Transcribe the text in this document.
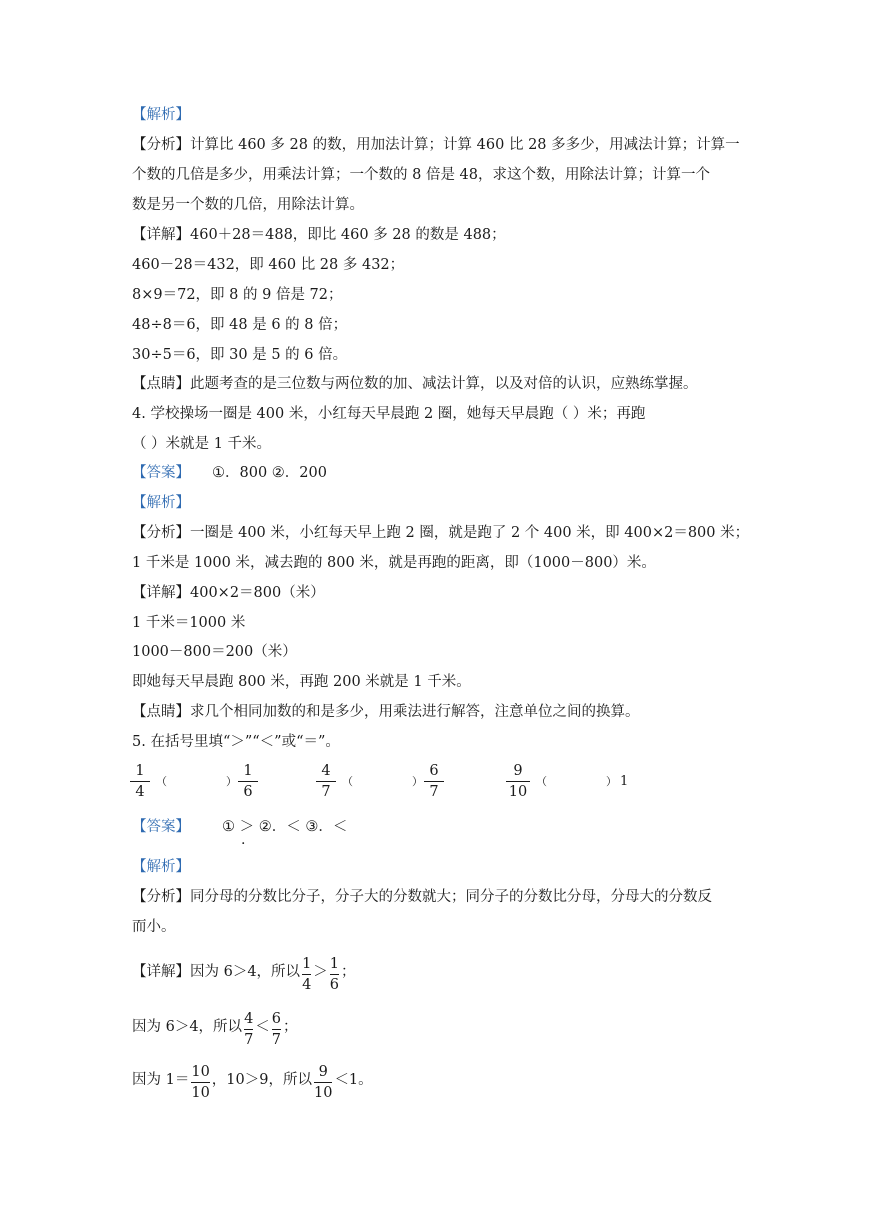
【解析】
【分析】计算比 460 多 28 的数，用加法计算；计算 460 比 28 多多少，用减法计算；计算一
个数的几倍是多少，用乘法计算；一个数的 8 倍是 48，求这个数，用除法计算；计算一个
数是另一个数的几倍，用除法计算。
【详解】460＋28＝488，即比 460 多 28 的数是 488；
460－28＝432，即 460 比 28 多 432；
8×9＝72，即 8 的 9 倍是 72；
48÷8＝6，即 48 是 6 的 8 倍；
30÷5＝6，即 30 是 5 的 6 倍。
【点睛】此题考查的是三位数与两位数的加、减法计算，以及对倍的认识，应熟练掌握。
4. 学校操场一圈是 400 米，小红每天早晨跑 2 圈，她每天早晨跑（ ）米；再跑
（ ）米就是 1 千米。
【答案】 ①．800 ②．200
【解析】
【分析】一圈是 400 米，小红每天早上跑 2 圈，就是跑了 2 个 400 米，即 400×2＝800 米；
1 千米是 1000 米，减去跑的 800 米，就是再跑的距离，即（1000－800）米。
【详解】400×2＝800（米）
1 千米＝1000 米
1000－800＝200（米）
即她每天早晨跑 800 米，再跑 200 米就是 1 千米。
【点睛】求几个相同加数的和是多少，用乘法进行解答，注意单位之间的换算。
5. 在括号里填“＞”“＜”或“＝”。
1
4
（	）
1
6
4
7
（	）
6
7
9
10
（	） 1
【答案】 ① ＞ ②．＜ ③．＜
.
【解析】
【分析】同分母的分数比分子，分子大的分数就大；同分子的分数比分母，分母大的分数反
而小。
【详解】因为 6＞4，所以 $\frac{1}{4} > \frac{1}{6}$ ；
因为 6＞4，所以 $\frac{4}{7} < \frac{6}{7}$ ；
因为 $1= \frac{10}{10}$ ，10＞9，所以 $\frac{9}{10} <1$。
